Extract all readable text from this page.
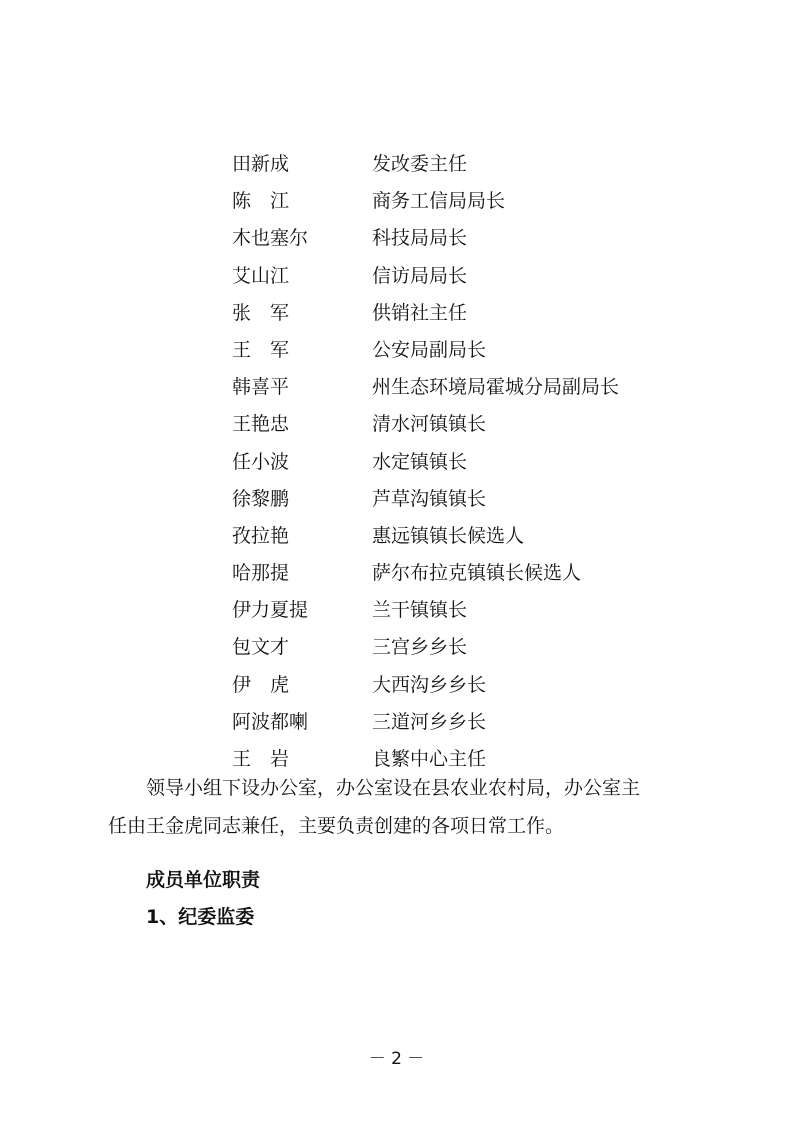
田新成	发改委主任
陈　江	商务工信局局长
木也塞尔	科技局局长
艾山江	信访局局长
张　军	供销社主任
王　军	公安局副局长
韩喜平	州生态环境局霍城分局副局长
王艳忠	清水河镇镇长
任小波	水定镇镇长
徐黎鹏	芦草沟镇镇长
孜拉艳	惠远镇镇长候选人
哈那提	萨尔布拉克镇镇长候选人
伊力夏提	兰干镇镇长
包文才	三宫乡乡长
伊　虎	大西沟乡乡长
阿波都喇	三道河乡乡长
王　岩	良繁中心主任
领导小组下设办公室，办公室设在县农业农村局，办公室主
任由王金虎同志兼任，主要负责创建的各项日常工作。
成员单位职责
1、纪委监委
－ 2 －
